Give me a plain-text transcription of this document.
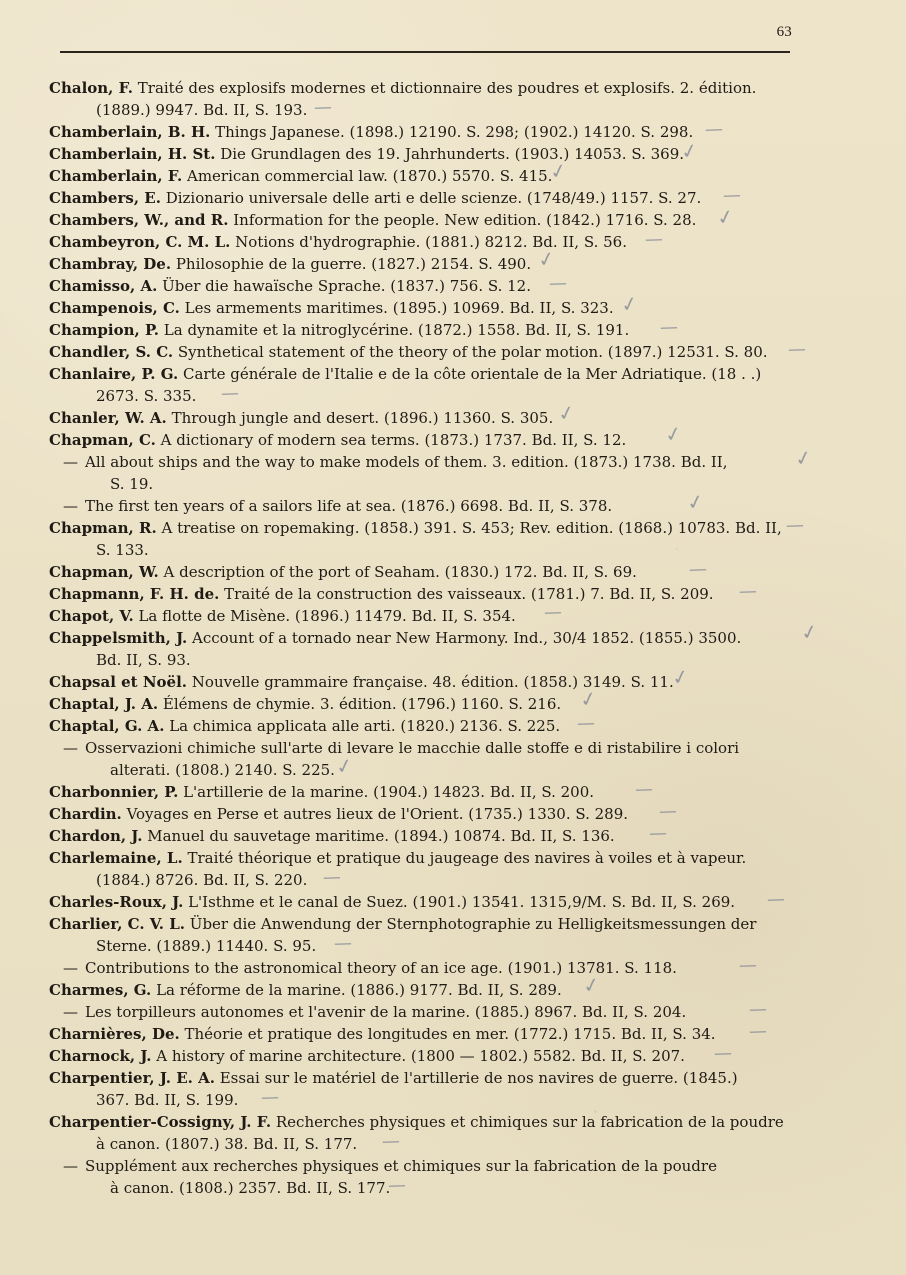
63
Chalon, F. Traité des explosifs modernes et dictionnaire des poudres et explosifs. 2. édition.
(1889.) 9947. Bd. II, S. 193. —
Chamberlain, B. H. Things Japanese. (1898.) 12190. S. 298; (1902.) 14120. S. 298. —
Chamberlain, H. St. Die Grundlagen des 19. Jahrhunderts. (1903.) 14053. S. 369.
✓
Chamberlain, F. American commercial law. (1870.) 5570. S. 415.
✓
Chambers, E. Dizionario universale delle arti e delle scienze. (1748/49.) 1157. S. 27.	—
Chambers, W., and R. Information for the people. New edition. (1842.) 1716. S. 28. ✓
Chambeyron, C. M. L. Notions d'hydrographie. (1881.) 8212. Bd. II, S. 56. —
Chambray, De. Philosophie de la guerre. (1827.) 2154. S. 490. ✓
Chamisso, A. Über die hawaïsche Sprache. (1837.) 756. S. 12. —
Champenois, C. Les armements maritimes. (1895.) 10969. Bd. II, S. 323. ✓
Champion, P. La dynamite et la nitroglycérine. (1872.) 1558. Bd. II, S. 191.	—
Chandler, S. C. Synthetical statement of the theory of the polar motion. (1897.) 12531. S. 80.	—
Chanlaire, P. G. Carte générale de l'Italie e de la côte orientale de la Mer Adriatique. (18 . .)
2673. S. 335.	—
Chanler, W. A. Through jungle and desert. (1896.) 11360. S. 305. ✓
Chapman, C. A dictionary of modern sea terms. (1873.) 1737. Bd. II, S. 12.	✓
— All about ships and the way to make models of them. 3. edition. (1873.) 1738. Bd. II,
S. 19.
✓
— The first ten years of a sailors life at sea. (1876.) 6698. Bd. II, S. 378.	✓
Chapman, R. A treatise on ropemaking. (1858.) 391. S. 453; Rev. edition. (1868.) 10783. Bd. II,
S. 133.
—
Chapman, W. A description of the port of Seaham. (1830.) 172. Bd. II, S. 69.	—
Chapmann, F. H. de. Traité de la construction des vaisseaux. (1781.) 7. Bd. II, S. 209.	—
Chapot, V. La flotte de Misène. (1896.) 11479. Bd. II, S. 354.	—
Chappelsmith, J. Account of a tornado near New Harmony. Ind., 30/4 1852. (1855.) 3500.
Bd. II, S. 93.
✓
Chapsal et Noël. Nouvelle grammaire française. 48. édition. (1858.) 3149. S. 11.
✓
Chaptal, J. A. Élémens de chymie. 3. édition. (1796.) 1160. S. 216. ✓
Chaptal, G. A. La chimica applicata alle arti. (1820.) 2136. S. 225. —
— Osservazioni chimiche sull'arte di levare le macchie dalle stoffe e di ristabilire i colori
alterati. (1808.) 2140. S. 225.
✓
Charbonnier, P. L'artillerie de la marine. (1904.) 14823. Bd. II, S. 200.	—
Chardin. Voyages en Perse et autres lieux de l'Orient. (1735.) 1330. S. 289.	—
Chardon, J. Manuel du sauvetage maritime. (1894.) 10874. Bd. II, S. 136.	—
Charlemaine, L. Traité théorique et pratique du jaugeage des navires à voiles et à vapeur.
(1884.) 8726. Bd. II, S. 220. —
Charles-Roux, J. L'Isthme et le canal de Suez. (1901.) 13541. 1315,9/M. S. Bd. II, S. 269.	—
Charlier, C. V. L. Über die Anwendung der Sternphotographie zu Helligkeitsmessungen der
Sterne. (1889.) 11440. S. 95. —
— Contributions to the astronomical theory of an ice age. (1901.) 13781. S. 118.	—
Charmes, G. La réforme de la marine. (1886.) 9177. Bd. II, S. 289. ✓
— Les torpilleurs autonomes et l'avenir de la marine. (1885.) 8967. Bd. II, S. 204.	—
Charnières, De. Théorie et pratique des longitudes en mer. (1772.) 1715. Bd. II, S. 34.	—
Charnock, J. A history of marine architecture. (1800 — 1802.) 5582. Bd. II, S. 207.	—
Charpentier, J. E. A. Essai sur le matériel de l'artillerie de nos navires de guerre. (1845.)
367. Bd. II, S. 199.	—
Charpentier-Cossigny, J. F. Recherches physiques et chimiques sur la fabrication de la poudre
à canon. (1807.) 38. Bd. II, S. 177.	—
— Supplément aux recherches physiques et chimiques sur la fabrication de la poudre
à canon. (1808.) 2357. Bd. II, S. 177.
—
